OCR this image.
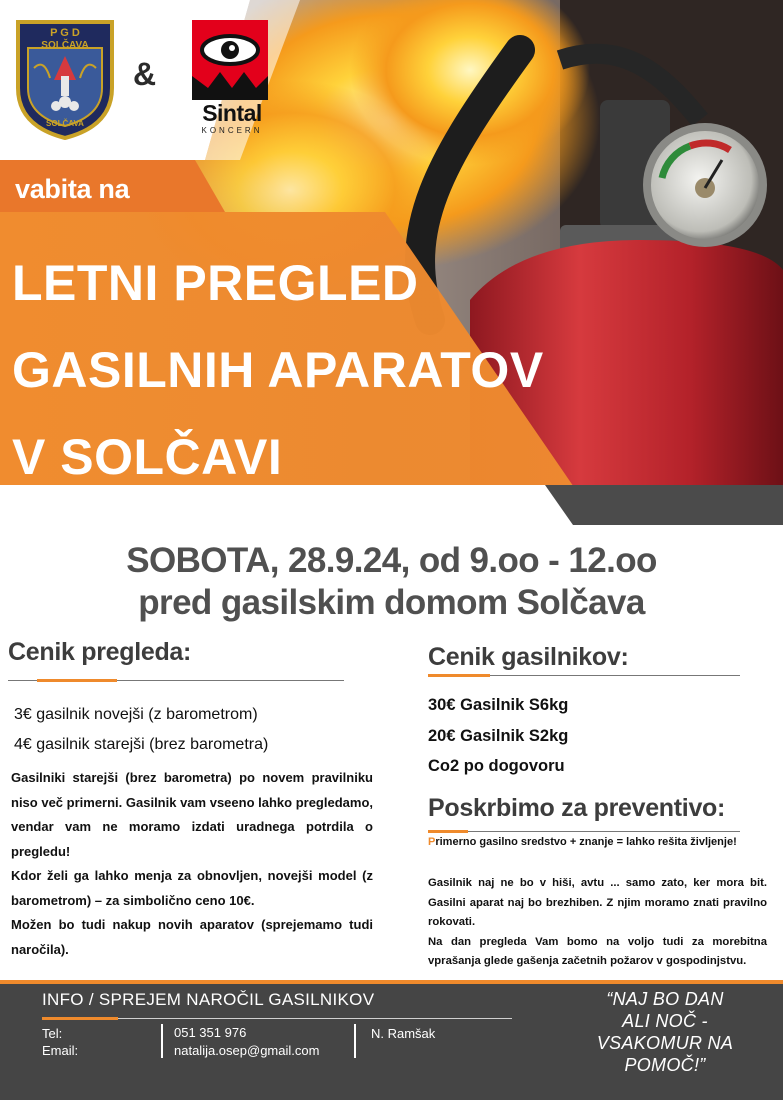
P G D
SOLČAVA
SOLČAVA
&
Sintal
KONCERN
vabita na
LETNI PREGLED
GASILNIH APARATOV
V SOLČAVI
SOBOTA, 28.9.24, od 9.oo - 12.oo
pred gasilskim domom Solčava
Cenik pregleda:
3€ gasilnik novejši (z barometrom)
4€ gasilnik starejši (brez barometra)

Gasilniki starejši (brez barometra) po novem pravilniku niso več primerni. Gasilnik vam vseeno lahko pregledamo, vendar vam ne moramo izdati uradnega potrdila o pregledu!

Kdor želi ga lahko menja za obnovljen, novejši model (z barometrom) – za simbolično ceno 10€.

Možen bo tudi nakup novih aparatov (sprejemamo tudi naročila).

Cenik gasilnikov:
30€ Gasilnik S6kg
20€ Gasilnik S2kg
Co2 po dogovoru
Poskrbimo za preventivo:
Primerno gasilno sredstvo + znanje = lahko rešita življenje!

Gasilnik naj ne bo v hiši, avtu ... samo zato, ker mora bit. Gasilni aparat naj bo brezhiben. Z njim moramo znati pravilno rokovati.

Na dan pregleda Vam bomo na voljo tudi za morebitna vprašanja glede gašenja začetnih požarov v gospodinjstvu.

INFO / SPREJEM NAROČIL GASILNIKOV
Tel:
Email:
051 351 976
natalija.osep@gmail.com
N. Ramšak
“NAJ BO DAN
ALI NOČ -
VSAKOMUR NA
POMOČ!”
